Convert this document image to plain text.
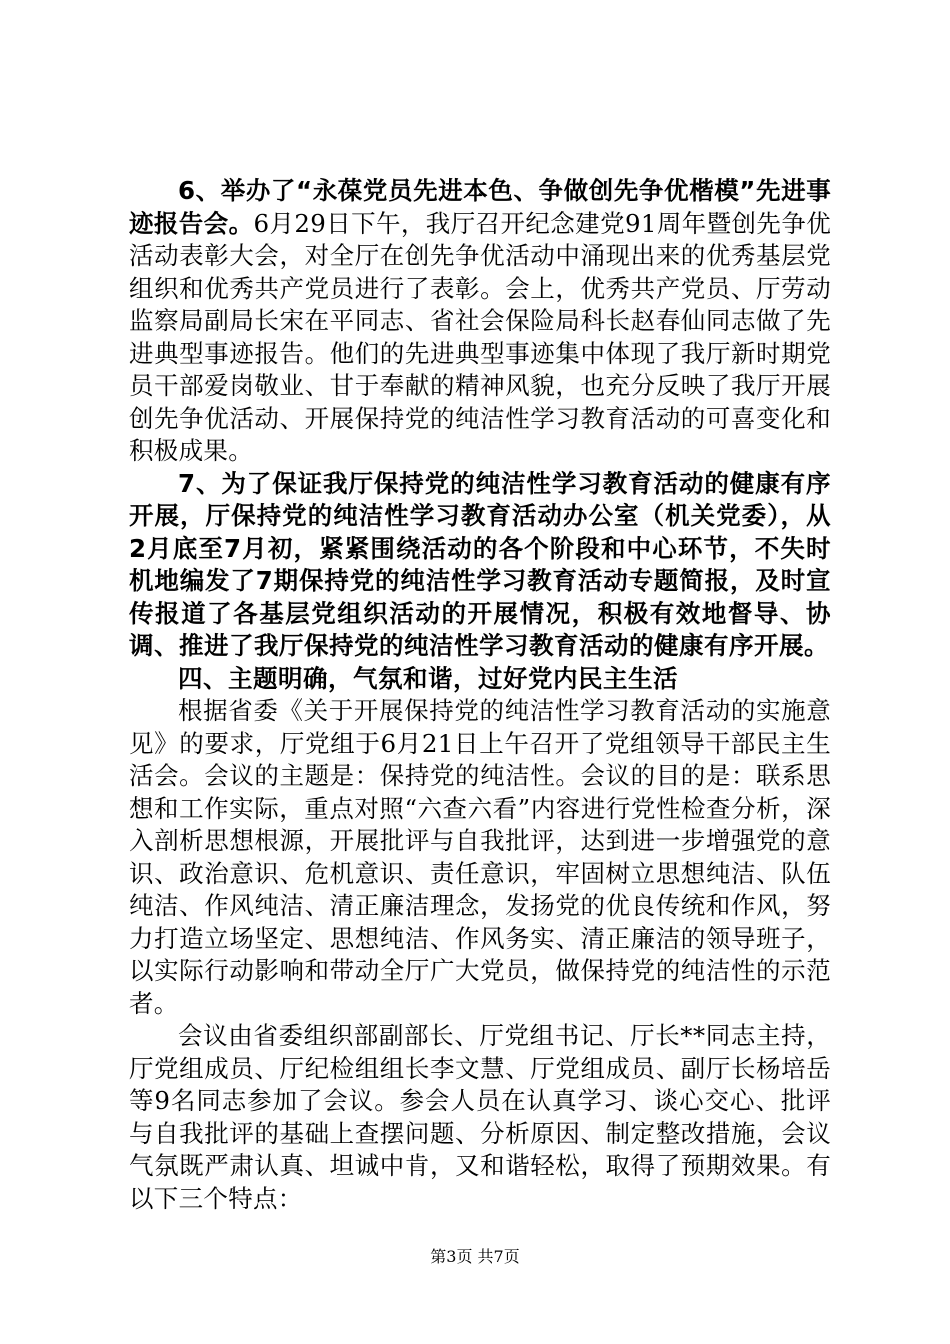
6、举办了“永葆党员先进本色、争做创先争优楷模”先进事迹报告会。6月29日下午，我厅召开纪念建党91周年暨创先争优活动表彰大会，对全厅在创先争优活动中涌现出来的优秀基层党组织和优秀共产党员进行了表彰。会上，优秀共产党员、厅劳动监察局副局长宋在平同志、省社会保险局科长赵春仙同志做了先进典型事迹报告。他们的先进典型事迹集中体现了我厅新时期党员干部爱岗敬业、甘于奉献的精神风貌，也充分反映了我厅开展创先争优活动、开展保持党的纯洁性学习教育活动的可喜变化和积极成果。

7、为了保证我厅保持党的纯洁性学习教育活动的健康有序开展，厅保持党的纯洁性学习教育活动办公室（机关党委），从2月底至7月初，紧紧围绕活动的各个阶段和中心环节，不失时机地编发了7期保持党的纯洁性学习教育活动专题简报，及时宣传报道了各基层党组织活动的开展情况，积极有效地督导、协调、推进了我厅保持党的纯洁性学习教育活动的健康有序开展。

四、主题明确，气氛和谐，过好党内民主生活

根据省委《关于开展保持党的纯洁性学习教育活动的实施意见》的要求，厅党组于6月21日上午召开了党组领导干部民主生活会。会议的主题是：保持党的纯洁性。会议的目的是：联系思想和工作实际，重点对照“六查六看”内容进行党性检查分析，深入剖析思想根源，开展批评与自我批评，达到进一步增强党的意识、政治意识、危机意识、责任意识，牢固树立思想纯洁、队伍纯洁、作风纯洁、清正廉洁理念，发扬党的优良传统和作风，努力打造立场坚定、思想纯洁、作风务实、清正廉洁的领导班子，以实际行动影响和带动全厅广大党员，做保持党的纯洁性的示范者。

会议由省委组织部副部长、厅党组书记、厅长**同志主持，厅党组成员、厅纪检组组长李文慧、厅党组成员、副厅长杨培岳等9名同志参加了会议。参会人员在认真学习、谈心交心、批评与自我批评的基础上查摆问题、分析原因、制定整改措施，会议气氛既严肃认真、坦诚中肯，又和谐轻松，取得了预期效果。有以下三个特点：

第3页 共7页
